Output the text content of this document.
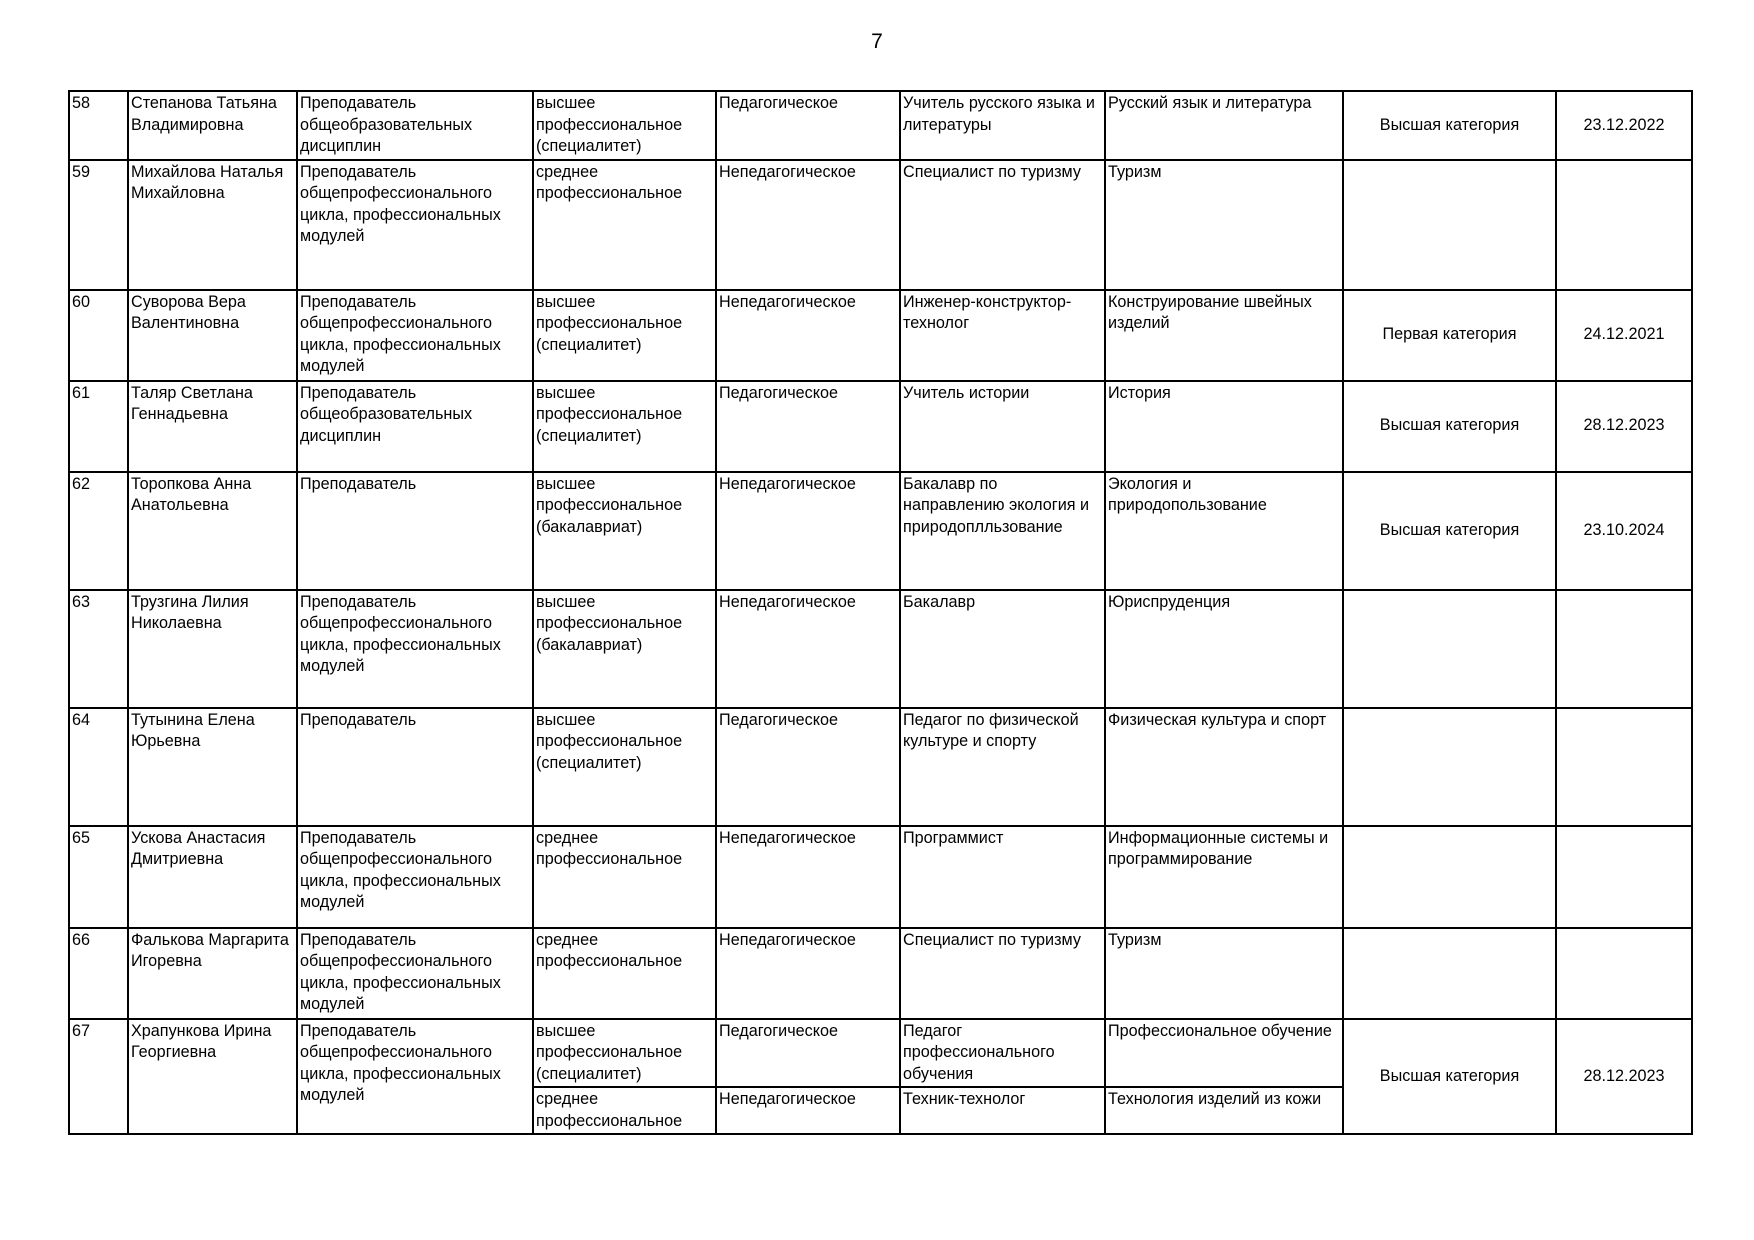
7
58	Степанова Татьяна Владимировна	Преподаватель общеобразовательных дисциплин	высшее профессиональное (специалитет)	Педагогическое	Учитель русского языка и литературы	Русский язык и литература	Высшая категория	23.12.2022
59	Михайлова Наталья Михайловна	Преподаватель общепрофессионального цикла, профессиональных модулей	среднее профессиональное	Непедагогическое	Специалист по туризму	Туризм		
60	Суворова Вера Валентиновна	Преподаватель общепрофессионального цикла, профессиональных модулей	высшее профессиональное (специалитет)	Непедагогическое	Инженер-конструктор-технолог	Конструирование швейных изделий	Первая категория	24.12.2021
61	Таляр Светлана Геннадьевна	Преподаватель общеобразовательных дисциплин	высшее профессиональное (специалитет)	Педагогическое	Учитель истории	История	Высшая категория	28.12.2023
62	Торопкова Анна Анатольевна	Преподаватель	высшее профессиональное (бакалавриат)	Непедагогическое	Бакалавр по направлению экология и природоплльзование	Экология и природопользование	Высшая категория	23.10.2024
63	Трузгина Лилия Николаевна	Преподаватель общепрофессионального цикла, профессиональных модулей	высшее профессиональное (бакалавриат)	Непедагогическое	Бакалавр	Юриспруденция		
64	Тутынина Елена Юрьевна	Преподаватель	высшее профессиональное (специалитет)	Педагогическое	Педагог по физической культуре и спорту	Физическая культура и спорт		
65	Ускова Анастасия Дмитриевна	Преподаватель общепрофессионального цикла, профессиональных модулей	среднее профессиональное	Непедагогическое	Программист	Информационные системы и программирование		
66	Фалькова Маргарита Игоревна	Преподаватель общепрофессионального цикла, профессиональных модулей	среднее профессиональное	Непедагогическое	Специалист по туризму	Туризм		
67	Храпункова Ирина Георгиевна	Преподаватель общепрофессионального цикла, профессиональных модулей	высшее профессиональное (специалитет)	Педагогическое	Педагог профессионального обучения	Профессиональное обучение	Высшая категория	28.12.2023
			среднее профессиональное	Непедагогическое	Техник-технолог	Технология изделий из кожи		
